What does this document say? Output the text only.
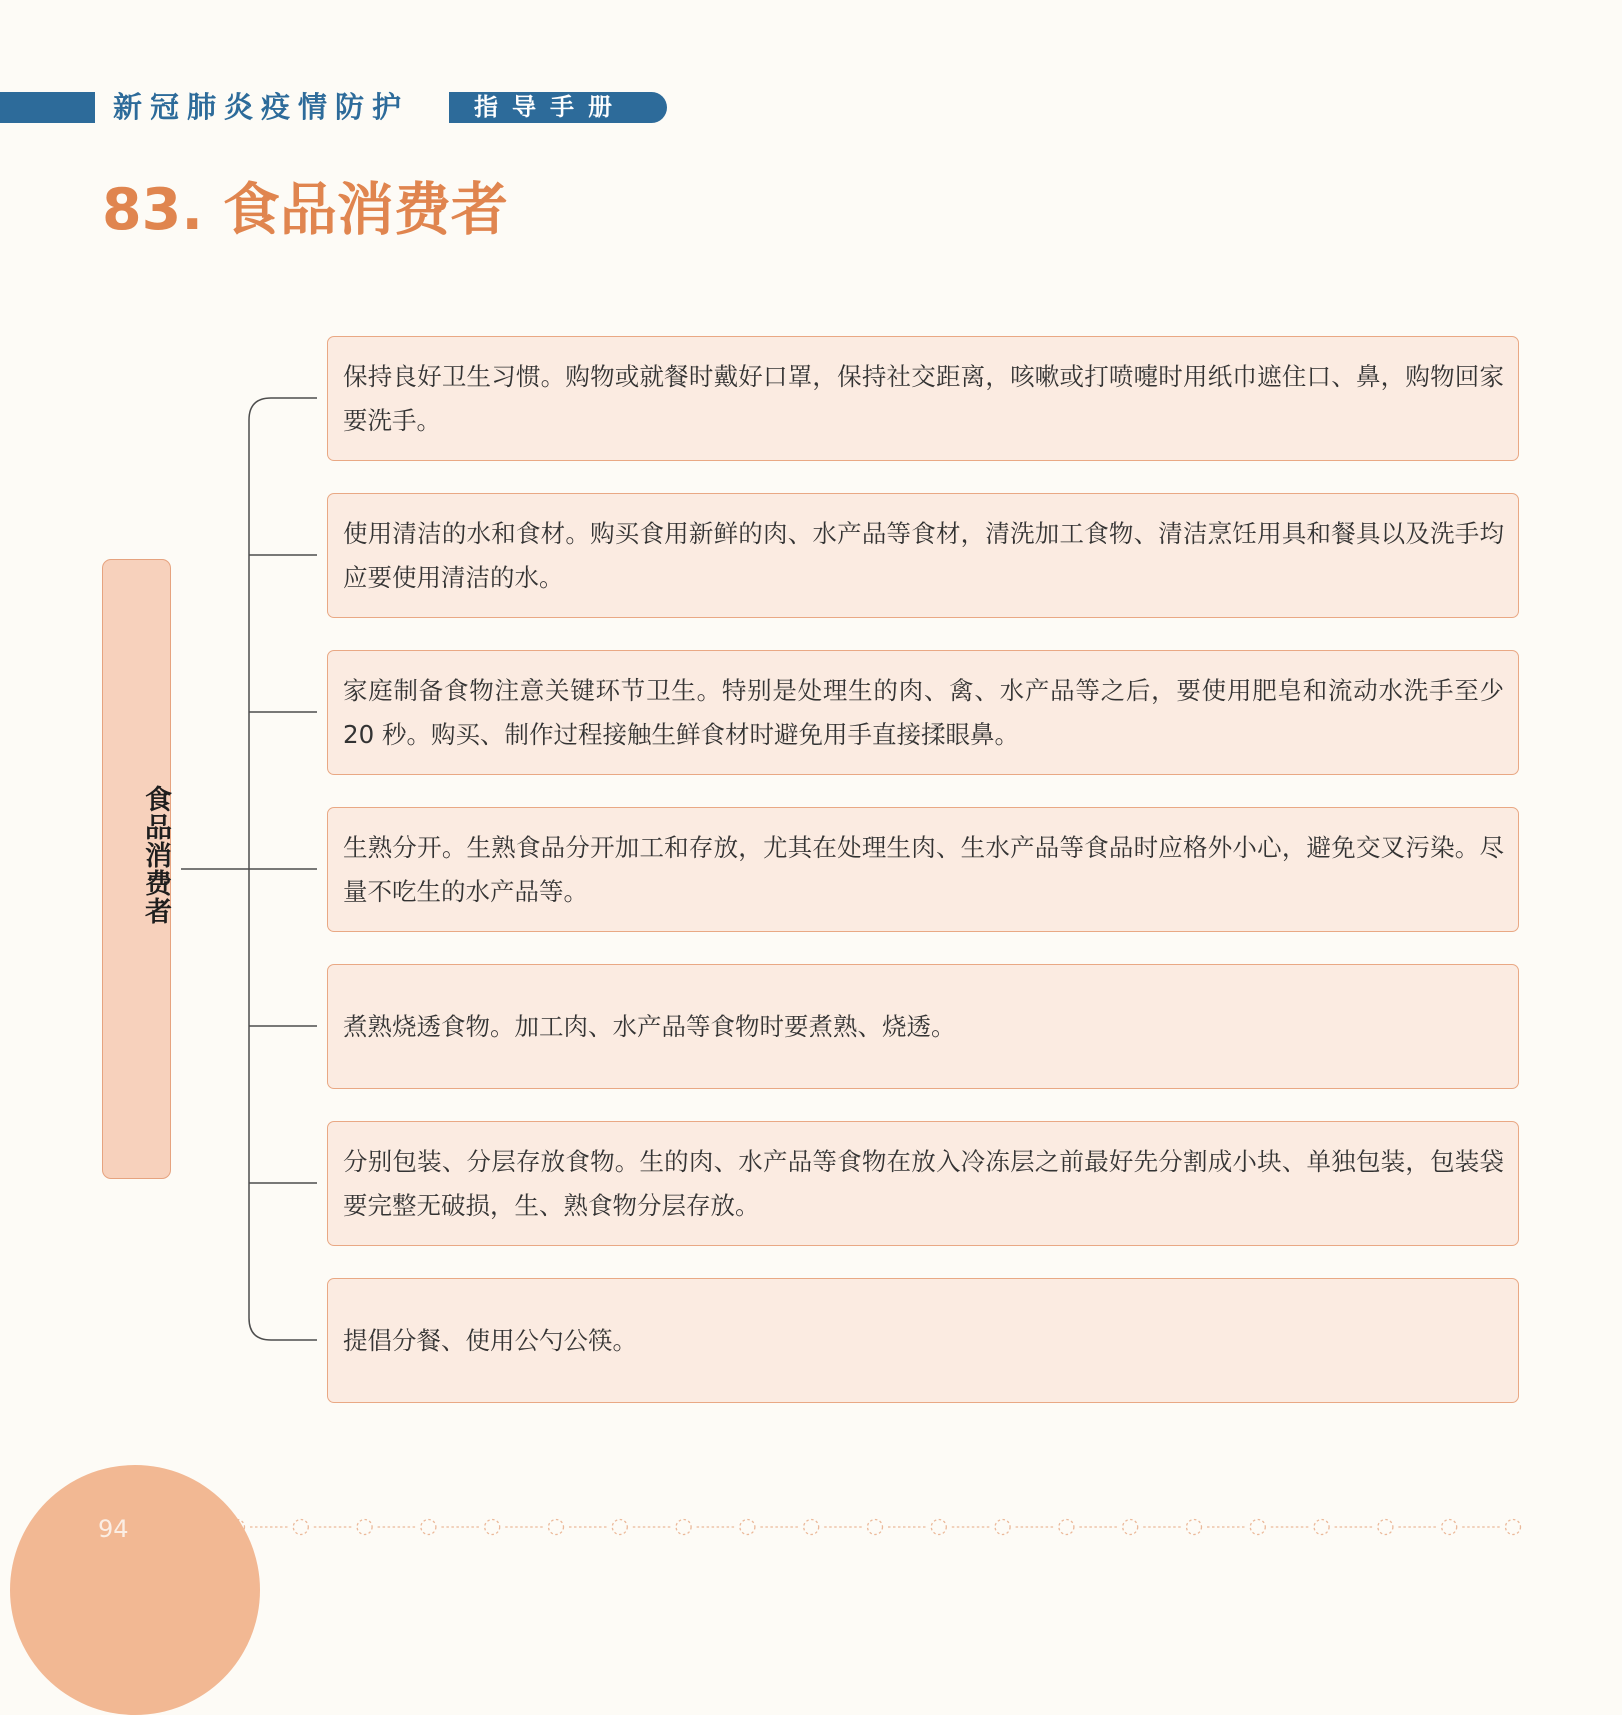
新冠肺炎疫情防护	指导手册
83. 食品消费者
食品消费者
保持良好卫生习惯。购物或就餐时戴好口罩，保持社交距离，咳嗽或打喷嚏时用纸巾遮住口、鼻，购物回家要洗手。
使用清洁的水和食材。购买食用新鲜的肉、水产品等食材，清洗加工食物、清洁烹饪用具和餐具以及洗手均应要使用清洁的水。
家庭制备食物注意关键环节卫生。特别是处理生的肉、禽、水产品等之后，要使用肥皂和流动水洗手至少 20 秒。购买、制作过程接触生鲜食材时避免用手直接揉眼鼻。
生熟分开。生熟食品分开加工和存放，尤其在处理生肉、生水产品等食品时应格外小心，避免交叉污染。尽量不吃生的水产品等。
煮熟烧透食物。加工肉、水产品等食物时要煮熟、烧透。
分别包装、分层存放食物。生的肉、水产品等食物在放入冷冻层之前最好先分割成小块、单独包装，包装袋要完整无破损，生、熟食物分层存放。
提倡分餐、使用公勺公筷。
94
